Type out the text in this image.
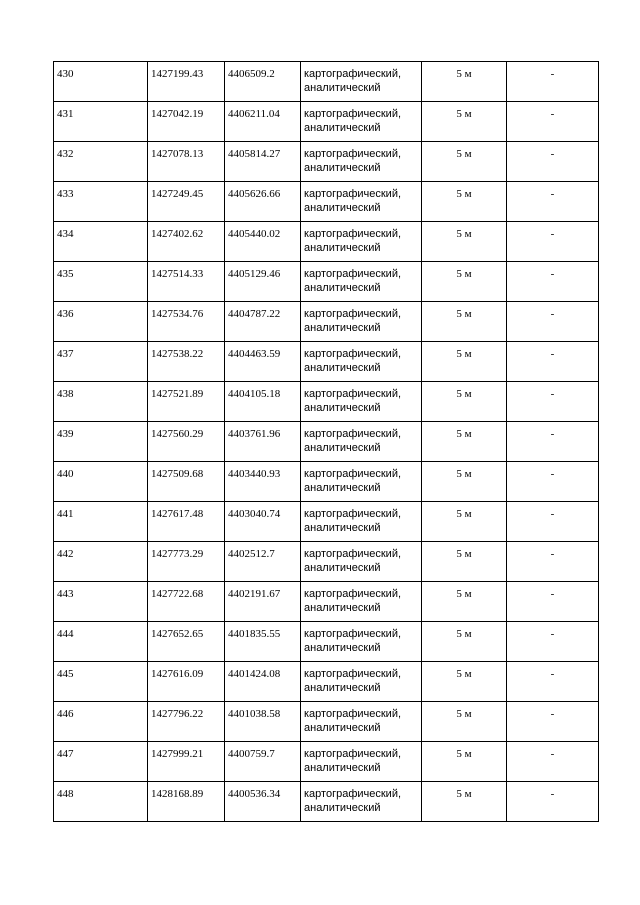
430	1427199.43	4406509.2	картографический,
аналитический	5 м	-

431	1427042.19	4406211.04	картографический,
аналитический	5 м	-

432	1427078.13	4405814.27	картографический,
аналитический	5 м	-

433	1427249.45	4405626.66	картографический,
аналитический	5 м	-

434	1427402.62	4405440.02	картографический,
аналитический	5 м	-

435	1427514.33	4405129.46	картографический,
аналитический	5 м	-

436	1427534.76	4404787.22	картографический,
аналитический	5 м	-

437	1427538.22	4404463.59	картографический,
аналитический	5 м	-

438	1427521.89	4404105.18	картографический,
аналитический	5 м	-

439	1427560.29	4403761.96	картографический,
аналитический	5 м	-

440	1427509.68	4403440.93	картографический,
аналитический	5 м	-

441	1427617.48	4403040.74	картографический,
аналитический	5 м	-

442	1427773.29	4402512.7	картографический,
аналитический	5 м	-

443	1427722.68	4402191.67	картографический,
аналитический	5 м	-

444	1427652.65	4401835.55	картографический,
аналитический	5 м	-

445	1427616.09	4401424.08	картографический,
аналитический	5 м	-

446	1427796.22	4401038.58	картографический,
аналитический	5 м	-

447	1427999.21	4400759.7	картографический,
аналитический	5 м	-

448	1428168.89	4400536.34	картографический,
аналитический	5 м	-
